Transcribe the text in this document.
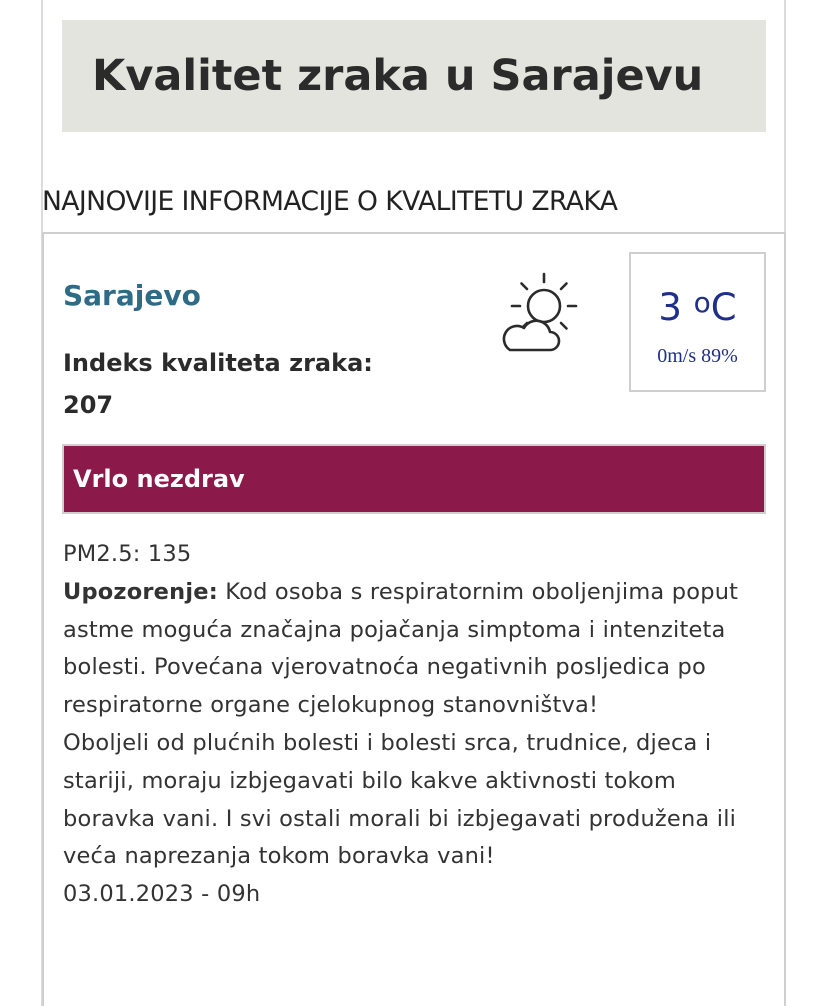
Kvalitet zraka u Sarajevu
NAJNOVIJE INFORMACIJE O KVALITETU ZRAKA
Sarajevo
Indeks kvaliteta zraka:
207
3 $^o$C
0m/s 89%
Vrlo nezdrav

PM2.5: 135

Upozorenje: Kod osoba s respiratornim oboljenjima poput astme moguća značajna pojačanja simptoma i intenziteta bolesti. Povećana vjerovatnoća negativnih posljedica po respiratorne organe cjelokupnog stanovništva!

Oboljeli od plućnih bolesti i bolesti srca, trudnice, djeca i stariji, moraju izbjegavati bilo kakve aktivnosti tokom boravka vani. I svi ostali morali bi izbjegavati produžena ili veća naprezanja tokom boravka vani!

03.01.2023 - 09h
